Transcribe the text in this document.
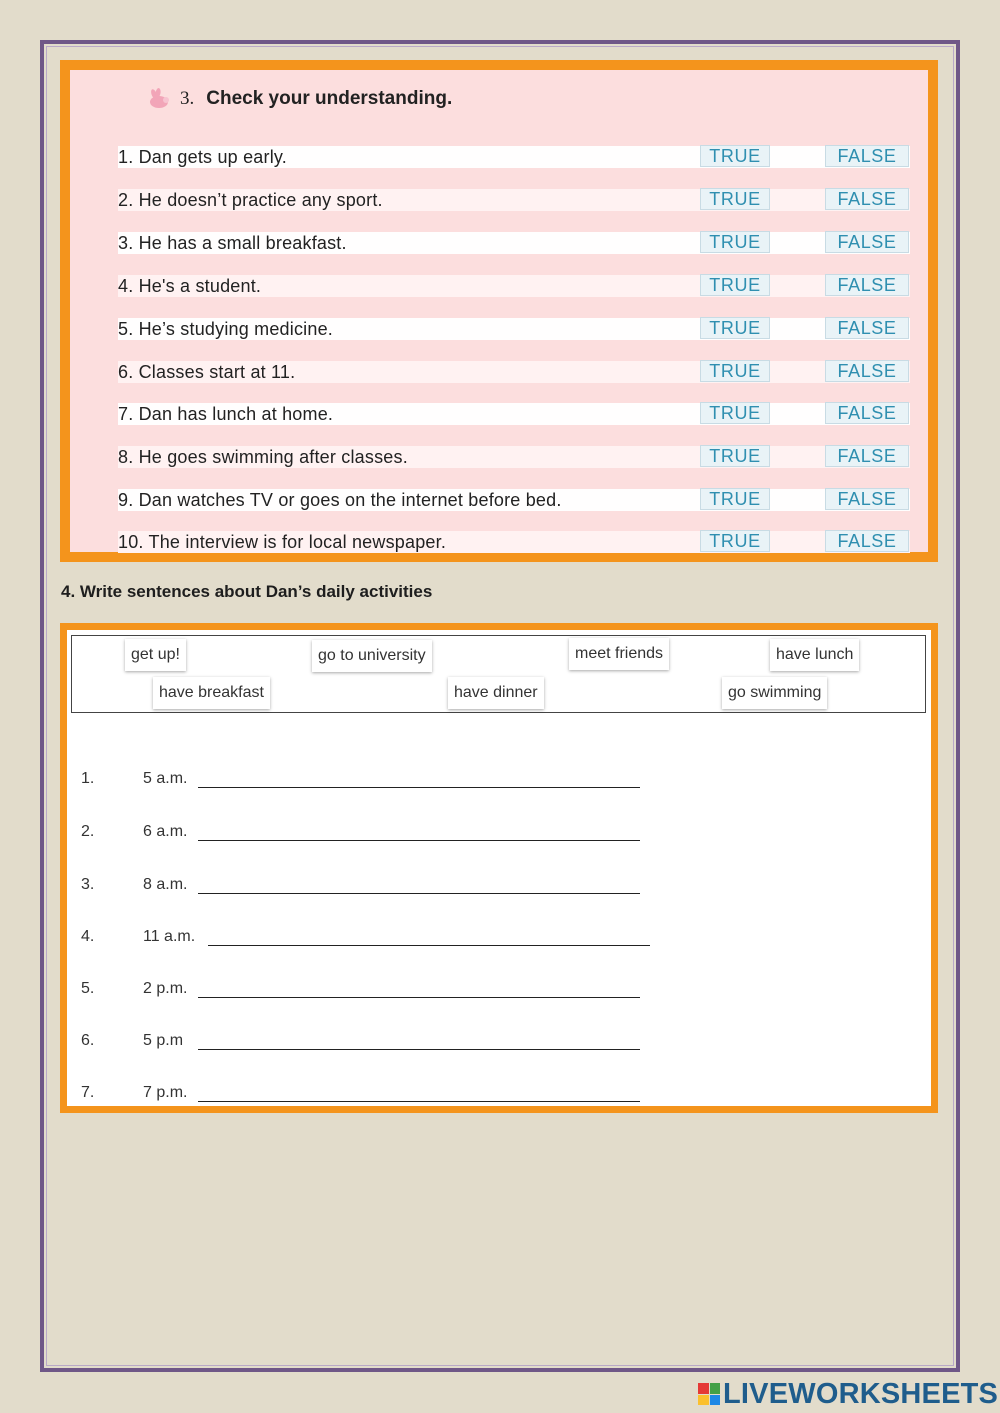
3. Check your understanding.
1. Dan gets up early.	TRUE	FALSE
2. He doesn’t practice any sport.	TRUE	FALSE
3. He has a small breakfast.	TRUE	FALSE
4. He's a student.	TRUE	FALSE
5. He’s studying medicine.	TRUE	FALSE
6. Classes start at 11.	TRUE	FALSE
7. Dan has lunch at home.	TRUE	FALSE
8. He goes swimming after classes.	TRUE	FALSE
9. Dan watches TV or goes on the internet before bed.	TRUE	FALSE
10. The interview is for local newspaper.	TRUE	FALSE
4. Write sentences about Dan’s daily activities
get up!	go to university	meet friends	have lunch
have breakfast	have dinner	go swimming
1.	5 a.m.
2.	6 a.m.
3.	8 a.m.
4.	11 a.m.
5.	2 p.m.
6.	5 p.m
7.	7 p.m.
LIVEWORKSHEETS
